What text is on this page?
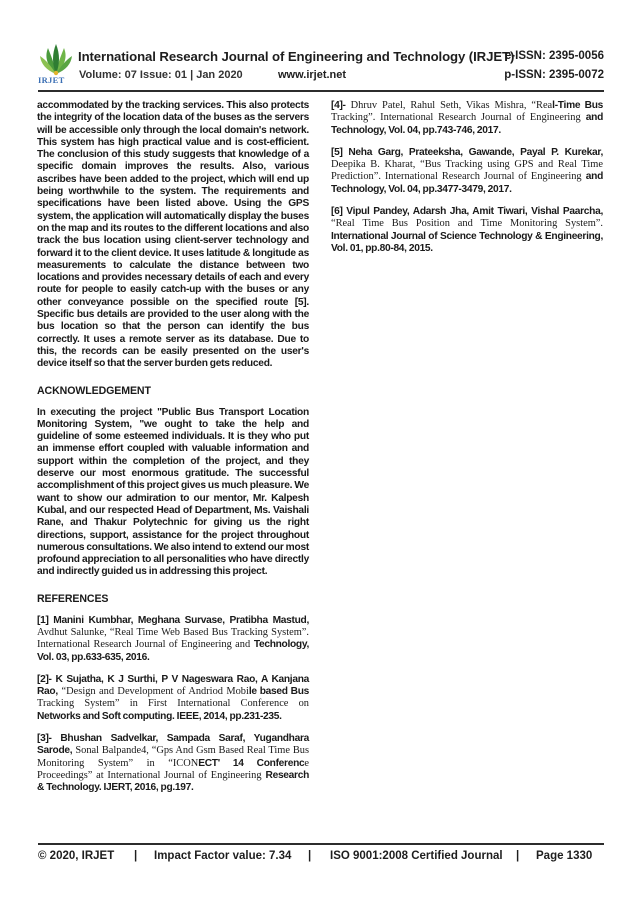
IRJET
International Research Journal of Engineering and Technology (IRJET)
e-ISSN: 2395-0056
Volume: 07 Issue: 01 | Jan 2020	www.irjet.net	p-ISSN: 2395-0072

accommodated by the tracking services. This also protects the integrity of the location data of the buses as the servers will be accessible only through the local domain's network. This system has high practical value and is cost-efficient. The conclusion of this study suggests that knowledge of a specific domain improves the results. Also, various ascribes have been added to the project, which will end up being worthwhile to the system. The requirements and specifications have been listed above. Using the GPS system, the application will automatically display the buses on the map and its routes to the different locations and also track the bus location using client-server technology and forward it to the client device. It uses latitude & longitude as measurements to calculate the distance between two locations and provides necessary details of each and every route for people to easily catch-up with the buses or any other conveyance possible on the specified route [5]. Specific bus details are provided to the user along with the bus location so that the person can identify the bus correctly. It uses a remote server as its database. Due to this, the records can be easily presented on the user's device itself so that the server burden gets reduced.

ACKNOWLEDGEMENT

In executing the project "Public Bus Transport Location Monitoring System, "we ought to take the help and guideline of some esteemed individuals. It is they who put an immense effort coupled with valuable information and support within the completion of the project, and they deserve our most enormous gratitude. The successful accomplishment of this project gives us much pleasure. We want to show our admiration to our mentor, Mr. Kalpesh Kubal, and our respected Head of Department, Ms. Vaishali Rane, and Thakur Polytechnic for giving us the right directions, support, assistance for the project throughout numerous consultations. We also intend to extend our most profound appreciation to all personalities who have directly and indirectly guided us in addressing this project.

REFERENCES

[1] Manini Kumbhar, Meghana Survase, Pratibha Mastud, Avdhut Salunke, “Real Time Web Based Bus Tracking System”. International Research Journal of Engineering and Technology, Vol. 03, pp.633-635, 2016.

[2]- K Sujatha, K J Surthi, P V Nageswara Rao, A Kanjana Rao, “Design and Development of Andriod Mobile based Bus Tracking System” in First International Conference on Networks and Soft computing. IEEE, 2014, pp.231-235.

[3]- Bhushan Sadvelkar, Sampada Saraf, Yugandhara Sarode, Sonal Balpande4, “Gps And Gsm Based Real Time Bus Monitoring System” in “ICONECT' 14 Conference Proceedings” at International Journal of Engineering Research & Technology. IJERT, 2016, pg.197.

[4]- Dhruv Patel, Rahul Seth, Vikas Mishra, “Real-Time Bus Tracking”. International Research Journal of Engineering and Technology, Vol. 04, pp.743-746, 2017.

[5] Neha Garg, Prateeksha, Gawande, Payal P. Kurekar, Deepika B. Kharat, “Bus Tracking using GPS and Real Time Prediction”. International Research Journal of Engineering and Technology, Vol. 04, pp.3477-3479, 2017.

[6] Vipul Pandey, Adarsh Jha, Amit Tiwari, Vishal Paarcha, “Real Time Bus Position and Time Monitoring System”. International Journal of Science Technology & Engineering, Vol. 01, pp.80-84, 2015.

© 2020, IRJET | Impact Factor value: 7.34 | ISO 9001:2008 Certified Journal | Page 1330
